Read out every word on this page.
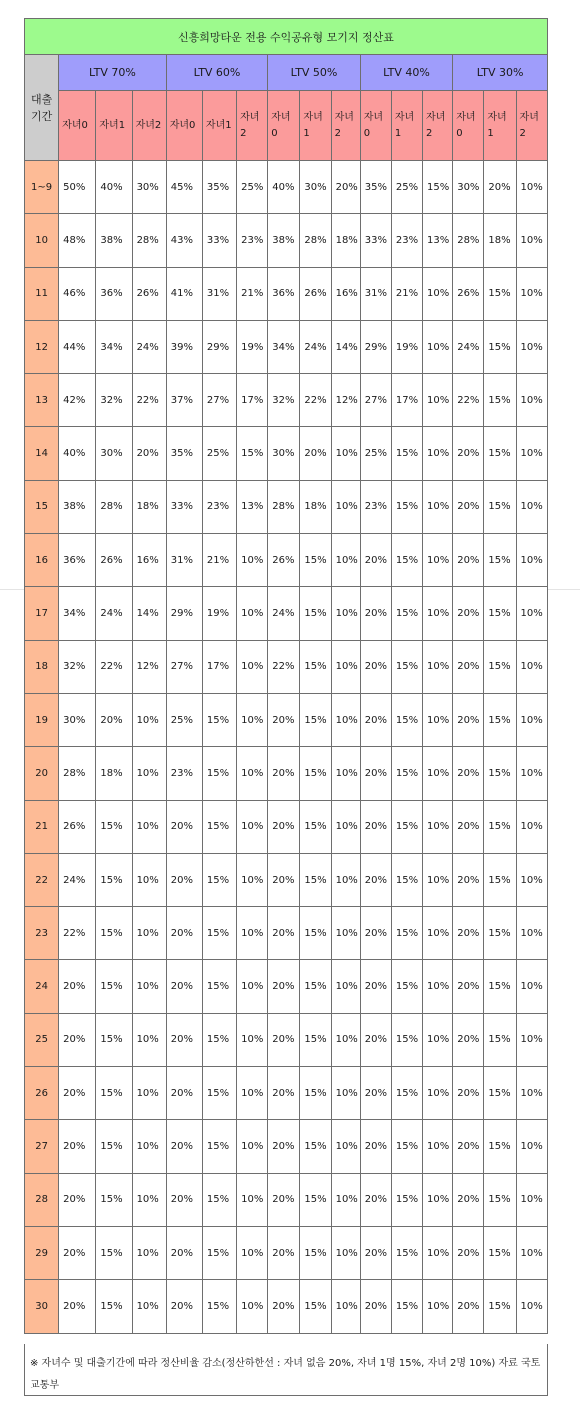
신흥희망타운 전용 수익공유형 모기지 정산표															
대출
기간	LTV 70%			LTV 60%			LTV 50%			LTV 40%			LTV 30%		
	자녀0	자녀1	자녀2	자녀0	자녀1	자녀 2	자녀 0	자녀 1	자녀 2	자녀 0	자녀 1	자녀 2	자녀 0	자녀 1	자녀 2
1~9	50%	40%	30%	45%	35%	25%	40%	30%	20%	35%	25%	15%	30%	20%	10%
10	48%	38%	28%	43%	33%	23%	38%	28%	18%	33%	23%	13%	28%	18%	10%
11	46%	36%	26%	41%	31%	21%	36%	26%	16%	31%	21%	10%	26%	15%	10%
12	44%	34%	24%	39%	29%	19%	34%	24%	14%	29%	19%	10%	24%	15%	10%
13	42%	32%	22%	37%	27%	17%	32%	22%	12%	27%	17%	10%	22%	15%	10%
14	40%	30%	20%	35%	25%	15%	30%	20%	10%	25%	15%	10%	20%	15%	10%
15	38%	28%	18%	33%	23%	13%	28%	18%	10%	23%	15%	10%	20%	15%	10%
16	36%	26%	16%	31%	21%	10%	26%	15%	10%	20%	15%	10%	20%	15%	10%
17	34%	24%	14%	29%	19%	10%	24%	15%	10%	20%	15%	10%	20%	15%	10%
18	32%	22%	12%	27%	17%	10%	22%	15%	10%	20%	15%	10%	20%	15%	10%
19	30%	20%	10%	25%	15%	10%	20%	15%	10%	20%	15%	10%	20%	15%	10%
20	28%	18%	10%	23%	15%	10%	20%	15%	10%	20%	15%	10%	20%	15%	10%
21	26%	15%	10%	20%	15%	10%	20%	15%	10%	20%	15%	10%	20%	15%	10%
22	24%	15%	10%	20%	15%	10%	20%	15%	10%	20%	15%	10%	20%	15%	10%
23	22%	15%	10%	20%	15%	10%	20%	15%	10%	20%	15%	10%	20%	15%	10%
24	20%	15%	10%	20%	15%	10%	20%	15%	10%	20%	15%	10%	20%	15%	10%
25	20%	15%	10%	20%	15%	10%	20%	15%	10%	20%	15%	10%	20%	15%	10%
26	20%	15%	10%	20%	15%	10%	20%	15%	10%	20%	15%	10%	20%	15%	10%
27	20%	15%	10%	20%	15%	10%	20%	15%	10%	20%	15%	10%	20%	15%	10%
28	20%	15%	10%	20%	15%	10%	20%	15%	10%	20%	15%	10%	20%	15%	10%
29	20%	15%	10%	20%	15%	10%	20%	15%	10%	20%	15%	10%	20%	15%	10%
30	20%	15%	10%	20%	15%	10%	20%	15%	10%	20%	15%	10%	20%	15%	10%
※ 자녀수 및 대출기간에 따라 정산비율 감소(정산하한선 : 자녀 없음 20%, 자녀 1명 15%, 자녀 2명 10%) 자료 국토교통부
